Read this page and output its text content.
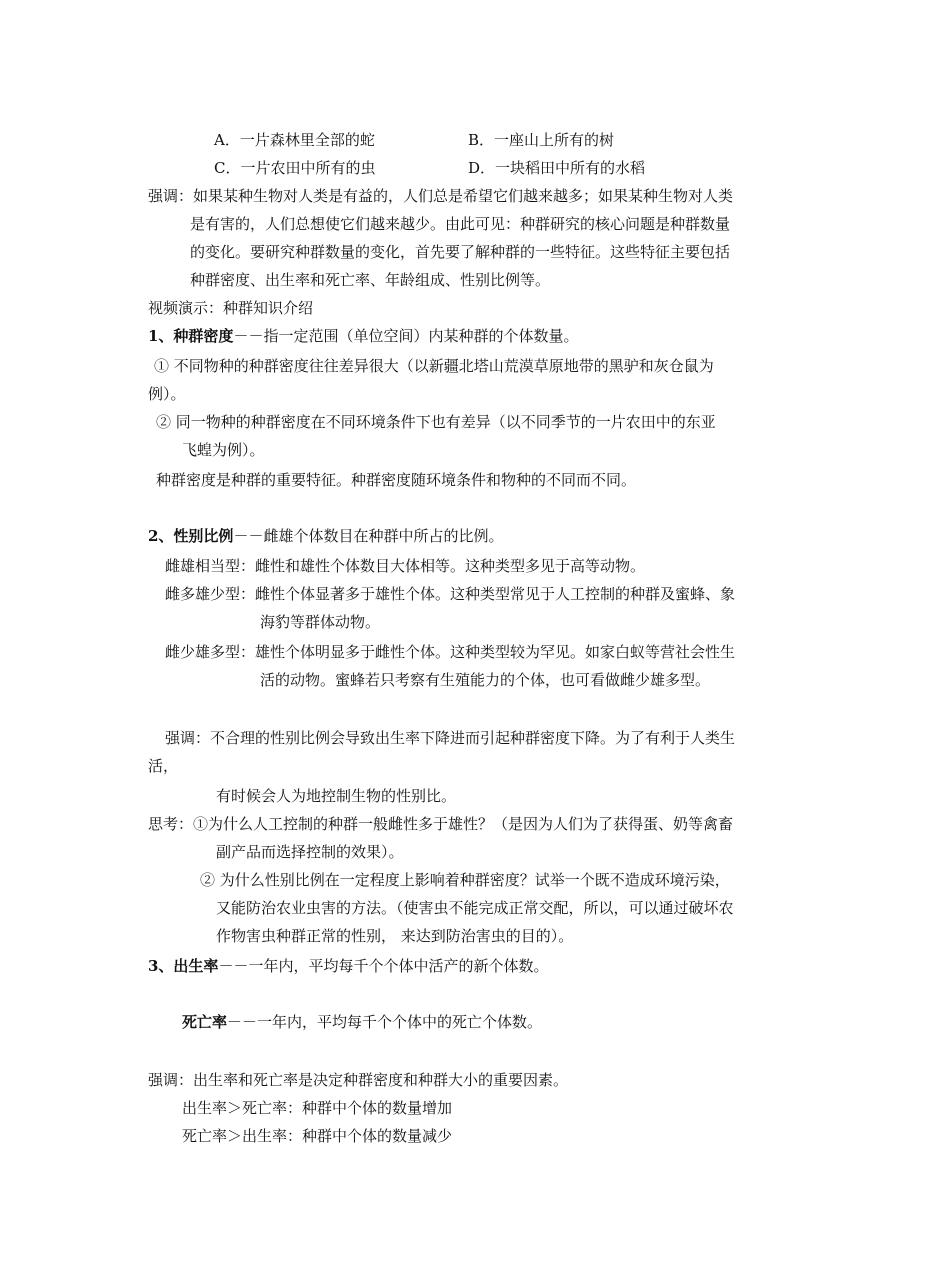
A．一片森林里全部的蛇	B．一座山上所有的树
C．一片农田中所有的虫	D．一块稻田中所有的水稻
强调：如果某种生物对人类是有益的，人们总是希望它们越来越多；如果某种生物对人类
是有害的，人们总想使它们越来越少。由此可见：种群研究的核心问题是种群数量
的变化。要研究种群数量的变化，首先要了解种群的一些特征。这些特征主要包括
种群密度、出生率和死亡率、年龄组成、性别比例等。
视频演示：种群知识介绍
1、种群密度－－指一定范围（单位空间）内某种群的个体数量。
① 不同物种的种群密度往往差异很大（以新疆北塔山荒漠草原地带的黑驴和灰仓鼠为
例）。
② 同一物种的种群密度在不同环境条件下也有差异（以不同季节的一片农田中的东亚
飞蝗为例）。
种群密度是种群的重要特征。种群密度随环境条件和物种的不同而不同。
2、性别比例－－雌雄个体数目在种群中所占的比例。
雌雄相当型：雌性和雄性个体数目大体相等。这种类型多见于高等动物。
雌多雄少型：雌性个体显著多于雄性个体。这种类型常见于人工控制的种群及蜜蜂、象
海豹等群体动物。
雌少雄多型：雄性个体明显多于雌性个体。这种类型较为罕见。如家白蚁等营社会性生
活的动物。蜜蜂若只考察有生殖能力的个体，也可看做雌少雄多型。
强调：不合理的性别比例会导致出生率下降进而引起种群密度下降。为了有利于人类生
活，
有时候会人为地控制生物的性别比。
思考：①为什么人工控制的种群一般雌性多于雄性？（是因为人们为了获得蛋、奶等禽畜
副产品而选择控制的效果）。
② 为什么性别比例在一定程度上影响着种群密度？试举一个既不造成环境污染，
又能防治农业虫害的方法。（使害虫不能完成正常交配，所以，可以通过破坏农
作物害虫种群正常的性别， 来达到防治害虫的目的）。
3、出生率－－一年内，平均每千个个体中活产的新个体数。
死亡率－－一年内，平均每千个个体中的死亡个体数。
强调：出生率和死亡率是决定种群密度和种群大小的重要因素。
出生率＞死亡率：种群中个体的数量增加
死亡率＞出生率：种群中个体的数量减少
